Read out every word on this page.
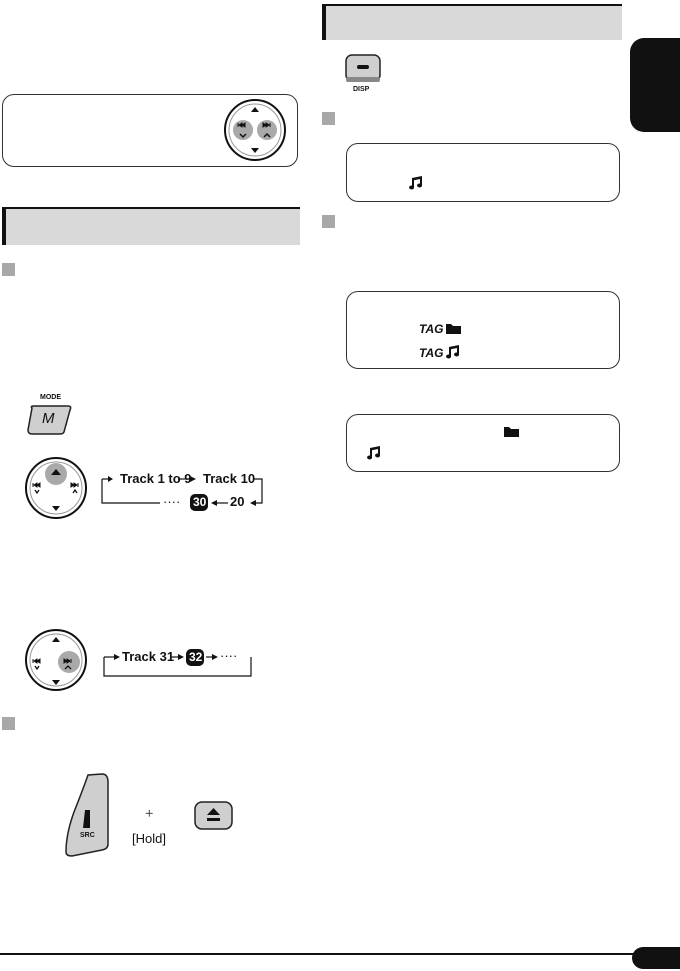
DISP
TAG
TAG
MODE
M
Track 1 to 9 Track 10
···· 30 20
Track 31 32 ····
SRC
+
[Hold]
